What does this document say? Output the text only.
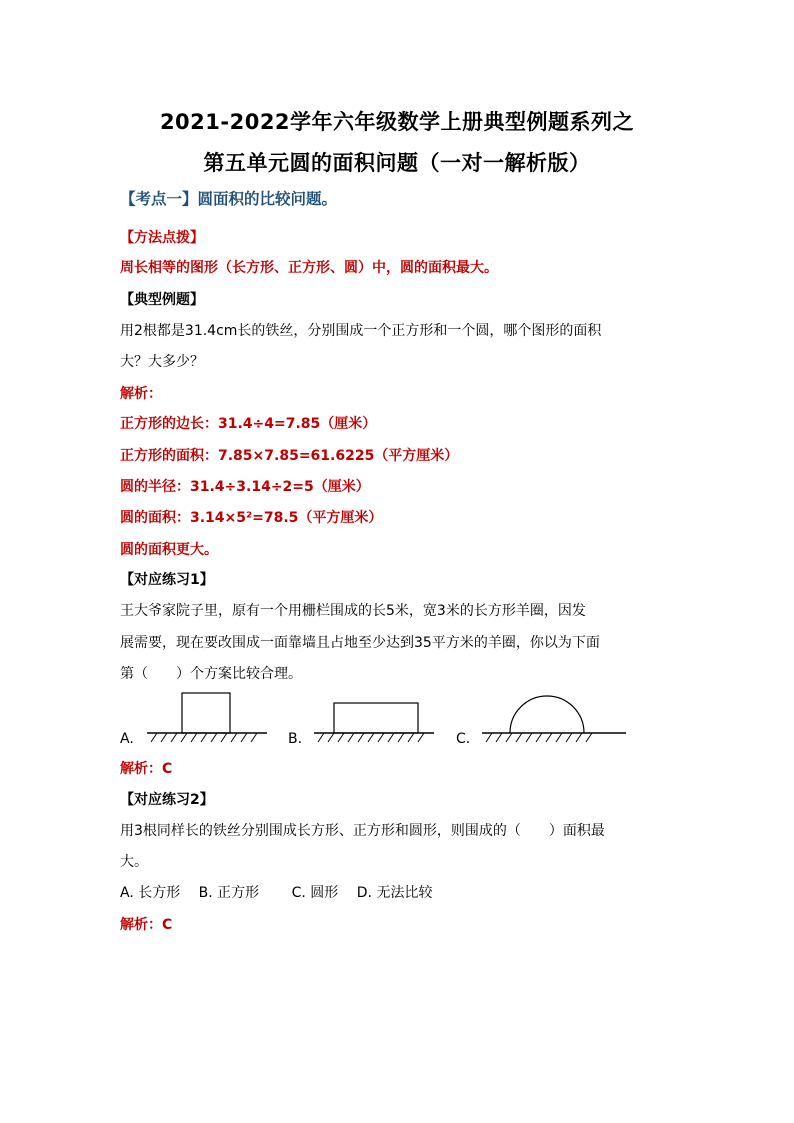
2021-2022学年六年级数学上册典型例题系列之
第五单元圆的面积问题（一对一解析版）
【考点一】圆面积的比较问题。
【方法点拨】
周长相等的图形（长方形、正方形、圆）中，圆的面积最大。
【典型例题】
用2根都是31.4cm长的铁丝，分别围成一个正方形和一个圆，哪个图形的面积
大？大多少？
解析：
正方形的边长：31.4÷4=7.85（厘米）
正方形的面积：7.85×7.85=61.6225（平方厘米）
圆的半径：31.4÷3.14÷2=5（厘米）
圆的面积：3.14×5²=78.5（平方厘米）
圆的面积更大。
【对应练习1】
王大爷家院子里，原有一个用栅栏围成的长5米，宽3米的长方形羊圈，因发
展需要，现在要改围成一面靠墙且占地至少达到35平方米的羊圈，你以为下面
第（　　）个方案比较合理。
A.	B.	C.
解析：C
【对应练习2】
用3根同样长的铁丝分别围成长方形、正方形和圆形，则围成的（　　）面积最
大。
A. 长方形　 B. 正方形　　 C. 圆形　 D. 无法比较
解析：C
